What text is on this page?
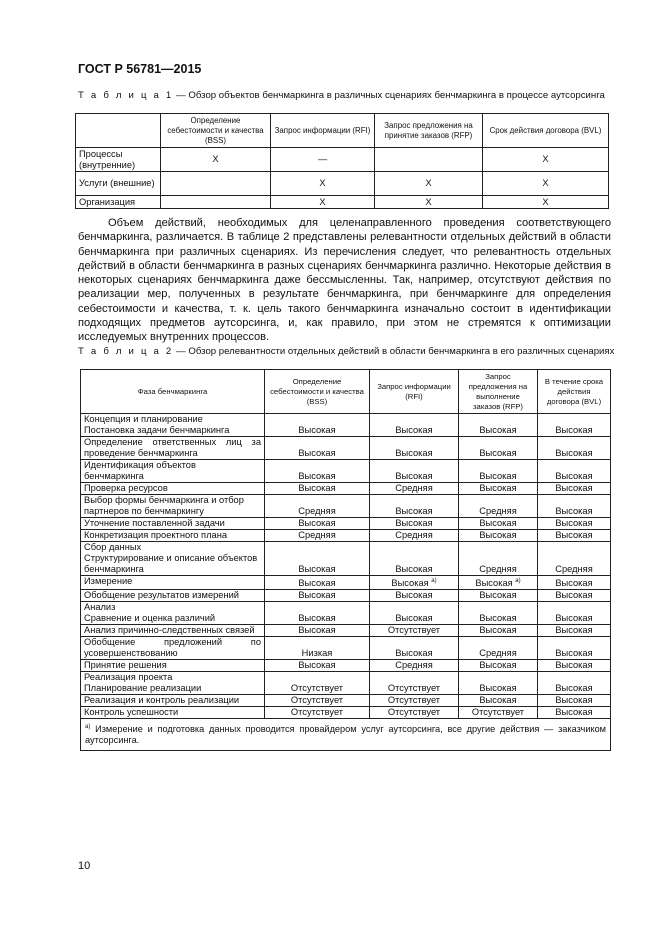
ГОСТ Р 56781—2015
Т а б л и ц а 1 — Обзор объектов бенчмаркинга в различных сценариях бенчмаркинга в процессе аутсорсинга
	Определение себестоимости и качества (BSS)	Запрос информации (RFI)	Запрос предложения на принятие заказов (RFP)	Срок действия договора (BVL)
Процессы (внутренние)	X	—		X
Услуги (внешние)		X	X	X
Организация		X	X	X

Объем действий, необходимых для целенаправленного проведения соответствующего бенчмаркинга, различается. В таблице 2 представлены релевантности отдельных действий в области бенчмаркинга при различных сценариях. Из перечисления следует, что релевантность отдельных действий в области бенчмаркинга в разных сценариях бенчмаркинга различно. Некоторые действия в некоторых сценариях бенчмаркинга даже бессмысленны. Так, например, отсутствуют действия по реализации мер, полученных в результате бенчмаркинга, при бенчмаркинге для определения себестоимости и качества, т. к. цель такого бенчмаркинга изначально состоит в идентификации подходящих предметов аутсорсинга, и, как правило, при этом не стремятся к оптимизации исследуемых внутренних процессов.

Т а б л и ц а 2 — Обзор релевантности отдельных действий в области бенчмаркинга в его различных сценариях
Фаза бенчмаркинга	Определение себестоимости и качества (BSS)	Запрос информации (RFI)	Запрос предложения на выполнение заказов (RFP)	В течение срока действия договора (BVL)

Концепция и планирование
Постановка задачи бенчмаркинга	Высокая	Высокая	Высокая	Высокая

Определение ответственных лиц за проведение бенчмаркинга	Высокая	Высокая	Высокая	Высокая

Идентификация объектов
бенчмаркинга	Высокая	Высокая	Высокая	Высокая

Проверка ресурсов	Высокая	Средняя	Высокая	Высокая

Выбор формы бенчмаркинга и отбор партнеров по бенчмаркингу	Средняя	Высокая	Средняя	Высокая

Уточнение поставленной задачи	Высокая	Высокая	Высокая	Высокая

Конкретизация проектного плана	Средняя	Средняя	Высокая	Высокая

Сбор данных
Структурирование и описание объектов бенчмаркинга	Высокая	Высокая	Средняя	Средняя

Измерение	Высокая	Высокая $^{а)}$	Высокая $^{а)}$	Высокая

Обобщение результатов измерений	Высокая	Высокая	Высокая	Высокая

Анализ
Сравнение и оценка различий	Высокая	Высокая	Высокая	Высокая

Анализ причинно-следственных связей	Высокая	Отсутствует	Высокая	Высокая

Обобщение предложений по усовершенствованию	Низкая	Высокая	Средняя	Высокая

Принятие решения	Высокая	Средняя	Высокая	Высокая

Реализация проекта
Планирование реализации	Отсутствует	Отсутствует	Высокая	Высокая

Реализация и контроль реализации	Отсутствует	Отсутствует	Высокая	Высокая

Контроль успешности	Отсутствует	Отсутствует	Отсутствует	Высокая
$^{а)}$ Измерение и подготовка данных проводится провайдером услуг аутсорсинга, все другие действия — заказчиком аутсорсинга.				
10
